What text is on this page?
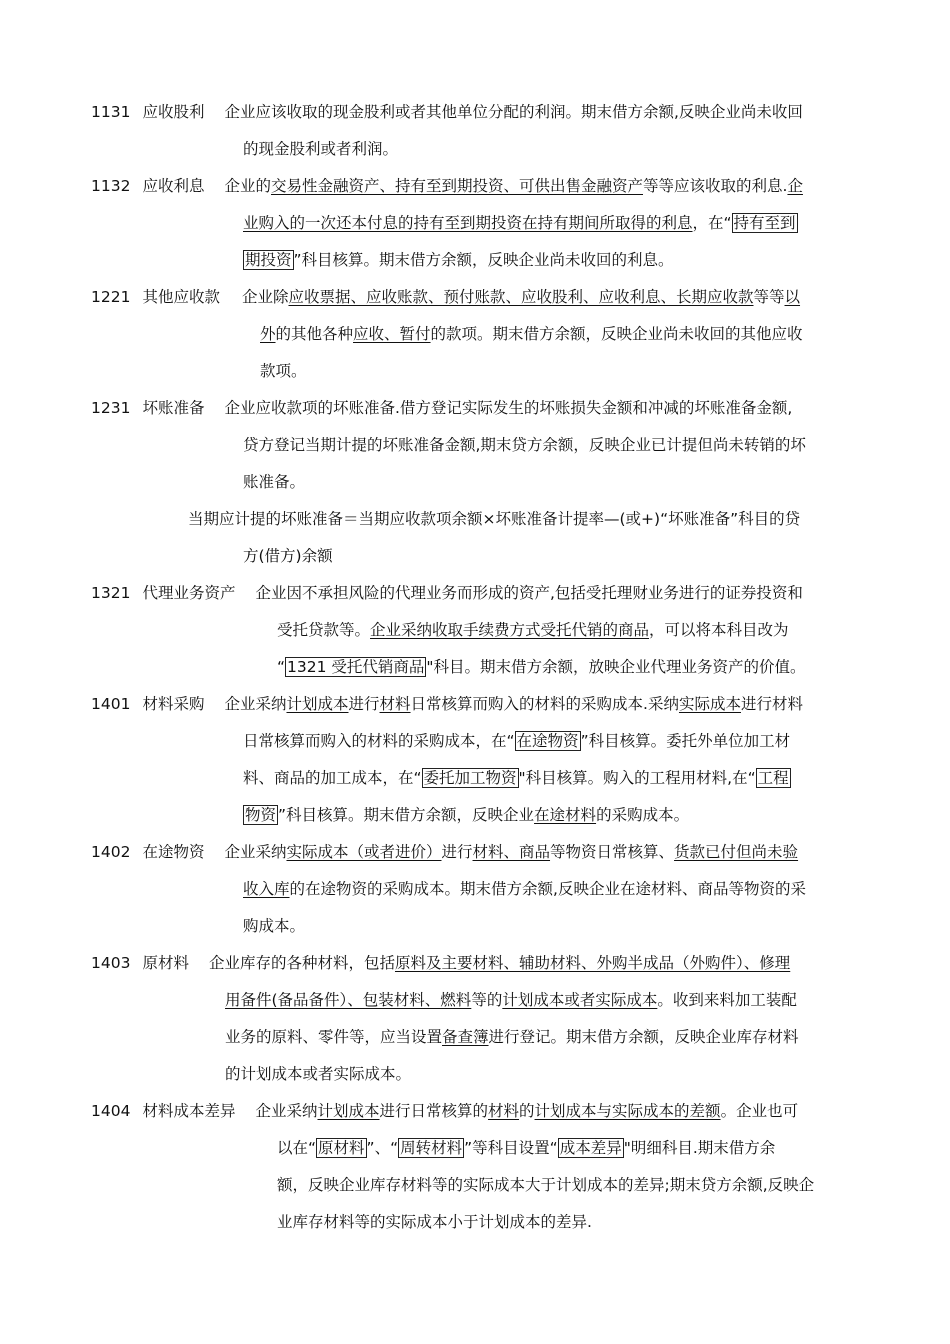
1131 应收股利 企业应该收取的现金股利或者其他单位分配的利润。期末借方余额,反映企业尚未收回
的现金股利或者利润。
1132 应收利息 企业的交易性金融资产、持有至到期投资、可供出售金融资产等等应该收取的利息.企
业购入的一次还本付息的持有至到期投资在持有期间所取得的利息，在“ 持有至到
期投资 ”科目核算。期末借方余额，反映企业尚未收回的利息。
1221 其他应收款 企业除应收票据、应收账款、预付账款、应收股利、应收利息、长期应收款等等以
外的其他各种应收、暂付的款项。期末借方余额，反映企业尚未收回的其他应收
款项。
1231 坏账准备 企业应收款项的坏账准备.借方登记实际发生的坏账损失金额和冲减的坏账准备金额,
贷方登记当期计提的坏账准备金额,期末贷方余额，反映企业已计提但尚未转销的坏
账准备。
当期应计提的坏账准备＝当期应收款项余额×坏账准备计提率—(或+)“坏账准备”科目的贷
方(借方)余额
1321 代理业务资产 企业因不承担风险的代理业务而形成的资产,包括受托理财业务进行的证券投资和
受托贷款等。企业采纳收取手续费方式受托代销的商品，可以将本科目改为
“ 1321 受托代销商品 "科目。期末借方余额，放映企业代理业务资产的价值。
1401 材料采购 企业采纳计划成本进行材料日常核算而购入的材料的采购成本.采纳实际成本进行材料
日常核算而购入的材料的采购成本，在“ 在途物资 ”科目核算。委托外单位加工材
料、商品的加工成本，在“ 委托加工物资 "科目核算。购入的工程用材料,在“ 工程
物资 ”科目核算。期末借方余额，反映企业在途材料的采购成本。
1402 在途物资 企业采纳实际成本（或者进价）进行材料、商品等物资日常核算、货款已付但尚未验
收入库的在途物资的采购成本。期末借方余额,反映企业在途材料、商品等物资的采
购成本。
1403 原材料 企业库存的各种材料，包括原料及主要材料、辅助材料、外购半成品（外购件）、修理
用备件(备品备件）、包装材料、燃料等的计划成本或者实际成本。收到来料加工装配
业务的原料、零件等，应当设置备查簿进行登记。期末借方余额，反映企业库存材料
的计划成本或者实际成本。
1404 材料成本差异 企业采纳计划成本进行日常核算的材料的计划成本与实际成本的差额。企业也可
以在“ 原材料 ”、“ 周转材料 ”等科目设置“ 成本差异 "明细科目.期末借方余
额，反映企业库存材料等的实际成本大于计划成本的差异;期末贷方余额,反映企
业库存材料等的实际成本小于计划成本的差异.
